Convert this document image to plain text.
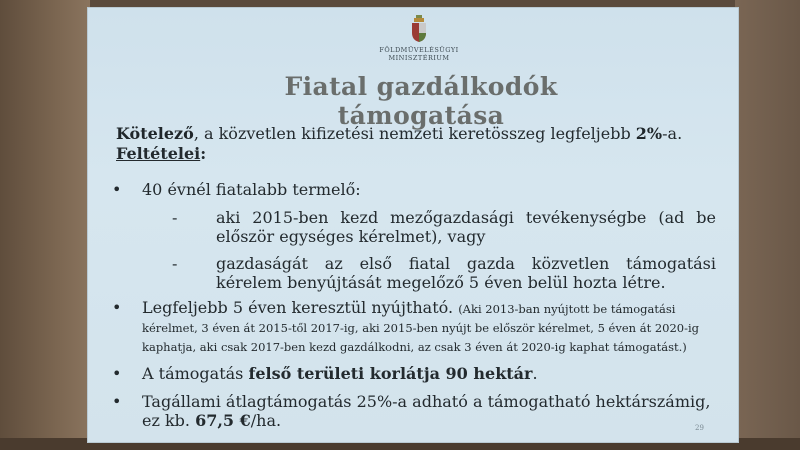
FÖLDMŰVELÉSÜGYI
MINISZTÉRIUM
Fiatal gazdálkodók támogatása
Kötelező, a közvetlen kifizetési nemzeti keretösszeg legfeljebb 2%-a.
Feltételei:
•	40 évnél fiatalabb termelő:
-	aki 2015-ben kezd mezőgazdasági tevékenységbe (ad be először egységes kérelmet), vagy
-	gazdaságát az első fiatal gazda közvetlen támogatási kérelem benyújtását megelőző 5 éven belül hozta létre.
•	Legfeljebb 5 éven keresztül nyújtható. (Aki 2013-ban nyújtott be támogatási kérelmet, 3 éven át 2015-től 2017-ig, aki 2015-ben nyújt be először kérelmet, 5 éven át 2020-ig kaphatja, aki csak 2017-ben kezd gazdálkodni, az csak 3 éven át 2020-ig kaphat támogatást.)
•	A támogatás felső területi korlátja 90 hektár.
•	Tagállami átlagtámogatás 25%-a adható a támogatható hektárszámig,
ez kb. 67,5 €/ha.	29
